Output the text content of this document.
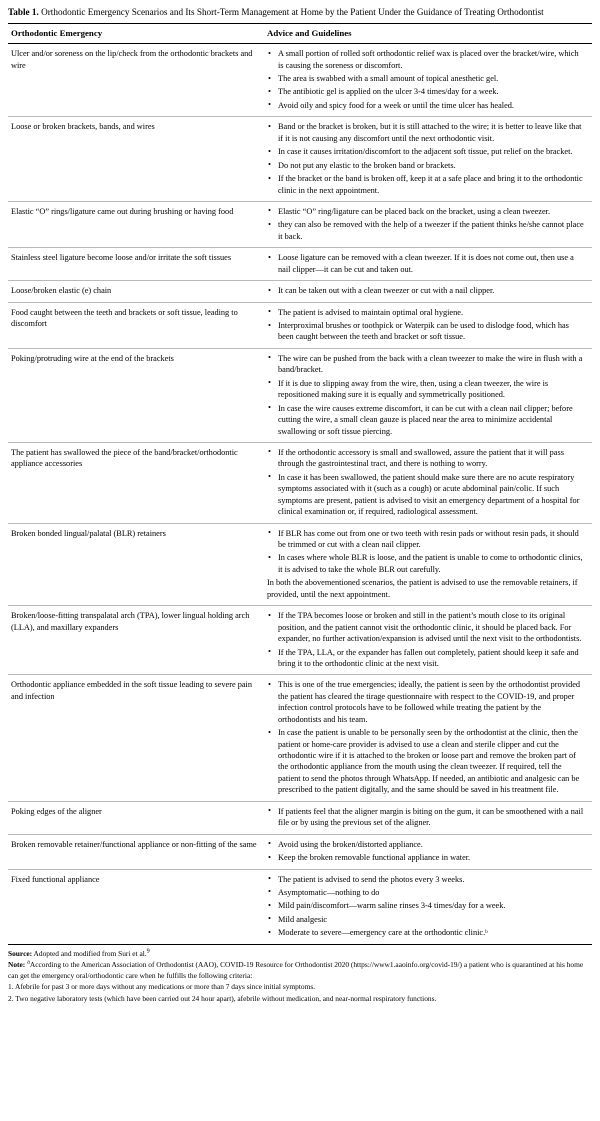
Table 1. Orthodontic Emergency Scenarios and Its Short-Term Management at Home by the Patient Under the Guidance of Treating Orthodontist
Orthodontic Emergency	Advice and Guidelines
Ulcer and/or soreness on the lip/check from the orthodontic brackets and wire	
• A small portion of rolled soft orthodontic relief wax is placed over the bracket/wire, which is causing the soreness or discomfort.
• The area is swabbed with a small amount of topical anesthetic gel.
• The antibiotic gel is applied on the ulcer 3-4 times/day for a week.
• Avoid oily and spicy food for a week or until the time ulcer has healed.

Loose or broken brackets, bands, and wires	
•Band or the bracket is broken, but it is still attached to the wire; it is better to leave like that if it is not causing any discomfort until the next orthodontic visit.
• In case it causes irritation/discomfort to the adjacent soft tissue, put relief on the bracket.
• Do not put any elastic to the broken band or brackets.
• If the bracket or the band is broken off, keep it at a safe place and bring it to the orthodontic clinic in the next appointment.

Elastic “O” rings/ligature came out during brushing or having food	
•Elastic “O” ring/ligature can be placed back on the bracket, using a clean tweezer.
• they can also be removed with the help of a tweezer if the patient thinks he/she cannot place it back.

Stainless steel ligature become loose and/or irritate the soft tissues	
•Loose ligature can be removed with a clean tweezer. If it is does not come out, then use a nail clipper—it can be cut and taken out.

Loose/broken elastic (e) chain	
•It can be taken out with a clean tweezer or cut with a nail clipper.

Food caught between the teeth and brackets or soft tissue, leading to discomfort	
• The patient is advised to maintain optimal oral hygiene.
• Interproximal brushes or toothpick or Waterpik can be used to dislodge food, which has been caught between the teeth and bracket or soft tissue.

Poking/protruding wire at the end of the brackets	
•The wire can be pushed from the back with a clean tweezer to make the wire in flush with a band/bracket.
• If it is due to slipping away from the wire, then, using a clean tweezer, the wire is repositioned making sure it is equally and symmetrically positioned.
• In case the wire causes extreme discomfort, it can be cut with a clean nail clipper; before cutting the wire, a small clean gauze is placed near the area to minimize accidental swallowing or soft tissue piercing.

The patient has swallowed the piece of the band/bracket/orthodontic appliance accessories	
• If the orthodontic accessory is small and swallowed, assure the patient that it will pass through the gastrointestinal tract, and there is nothing to worry.
• In case it has been swallowed, the patient should make sure there are no acute respiratory symptoms associated with it (such as a cough) or acute abdominal pain/colic. If such symptoms are present, patient is advised to visit an emergency department of a hospital for clinical examination or, if required, radiological assessment.

Broken bonded lingual/palatal (BLR) retainers	
•If BLR has come out from one or two teeth with resin pads or without resin pads, it should be trimmed or cut with a clean nail clipper.
• In cases where whole BLR is loose, and the patient is unable to come to orthodontic clinics, it is advised to take the whole BLR out carefully.
In both the abovementioned scenarios, the patient is advised to use the removable retainers, if provided, until the next appointment.

Broken/loose-fitting transpalatal arch (TPA), lower lingual holding arch (LLA), and maxillary expanders	
• If the TPA becomes loose or broken and still in the patient’s mouth close to its original position, and the patient cannot visit the orthodontic clinic, it should be placed back. For expander, no further activation/expansion is advised until the next visit to the orthodontists.
• If the TPA, LLA, or the expander has fallen out completely, patient should keep it safe and bring it to the orthodontic clinic at the next visit.

Orthodontic appliance embedded in the soft tissue leading to severe pain and infection	
• This is one of the true emergencies; ideally, the patient is seen by the orthodontist provided the patient has cleared the tirage questionnaire with respect to the COVID-19, and proper infection control protocols have to be followed while treating the patient by the orthodontists and his team.
• In case the patient is unable to be personally seen by the orthodontist at the clinic, then the patient or home-care provider is advised to use a clean and sterile clipper and cut the orthodontic wire if it is attached to the broken or loose part and remove the broken part of the orthodontic appliance from the mouth using the clean tweezer. If required, tell the patient to send the photos through WhatsApp. If needed, an antibiotic and analgesic can be prescribed to the patient digitally, and the same should be saved in his treatment file.

Poking edges of the aligner	
•If patients feel that the aligner margin is biting on the gum, it can be smoothened with a nail file or by using the previous set of the aligner.

Broken removable retainer/functional appliance or non-fitting of the same	
•Avoid using the broken/distorted appliance.
• Keep the broken removable functional appliance in water.

Fixed functional appliance	
•The patient is advised to send the photos every 3 weeks.
• Asymptomatic—nothing to do
• Mild pain/discomfort—warm saline rinses 3-4 times/day for a week.
• Mild analgesic
• Moderate to severe—emergency care at the orthodontic clinic.ᵇ

Source: Adopted and modified from Suri et al.$^9$

Note: $^a$According to the American Association of Orthodontist (AAO), COVID-19 Resource for Orthodontist 2020 (https://www1.aaoinfo.org/covid-19/) a patient who is quarantined at his home can get the emergency oral/orthodontic care when he fulfills the following criteria:

1. Afebrile for past 3 or more days without any medications or more than 7 days since initial symptoms.

2. Two negative laboratory tests (which have been carried out 24 hour apart), afebrile without medication, and near-normal respiratory functions.
